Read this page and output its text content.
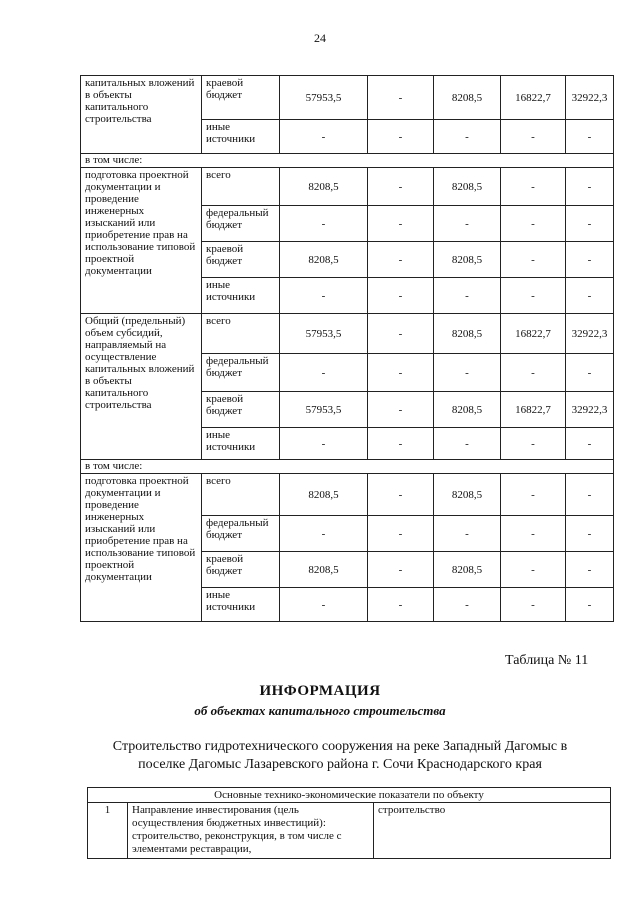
24
капитальных вложений в объекты капитального строительства	краевой бюджет	57953,5	-	8208,5	16822,7	32922,3
	иные источники	-	-	-	-	-
в том числе:						
подготовка проектной документации и проведение инженерных изысканий или приобретение прав на использование типовой проектной документации	всего	8208,5	-	8208,5	-	-
	федеральный бюджет	-	-	-	-	-
	краевой бюджет	8208,5	-	8208,5	-	-
	иные источники	-	-	-	-	-
Общий (предельный) объем субсидий, направляемый на осуществление капитальных вложений в объекты капитального строительства	всего	57953,5	-	8208,5	16822,7	32922,3
	федеральный бюджет	-	-	-	-	-
	краевой бюджет	57953,5	-	8208,5	16822,7	32922,3
	иные источники	-	-	-	-	-
в том числе:						
подготовка проектной документации и проведение инженерных изысканий или приобретение прав на использование типовой проектной документации	всего	8208,5	-	8208,5	-	-
	федеральный бюджет	-	-	-	-	-
	краевой бюджет	8208,5	-	8208,5	-	-
	иные источники	-	-	-	-	-
Таблица № 11
ИНФОРМАЦИЯ
об объектах капитального строительства
Строительство гидротехнического сооружения на реке Западный Дагомыс в поселке Дагомыс Лазаревского района г. Сочи Краснодарского края
Основные технико-экономические показатели по объекту
1	Направление инвестирования (цель осуществления бюджетных инвестиций): строительство, реконструкция, в том числе с элементами реставрации,	строительство
